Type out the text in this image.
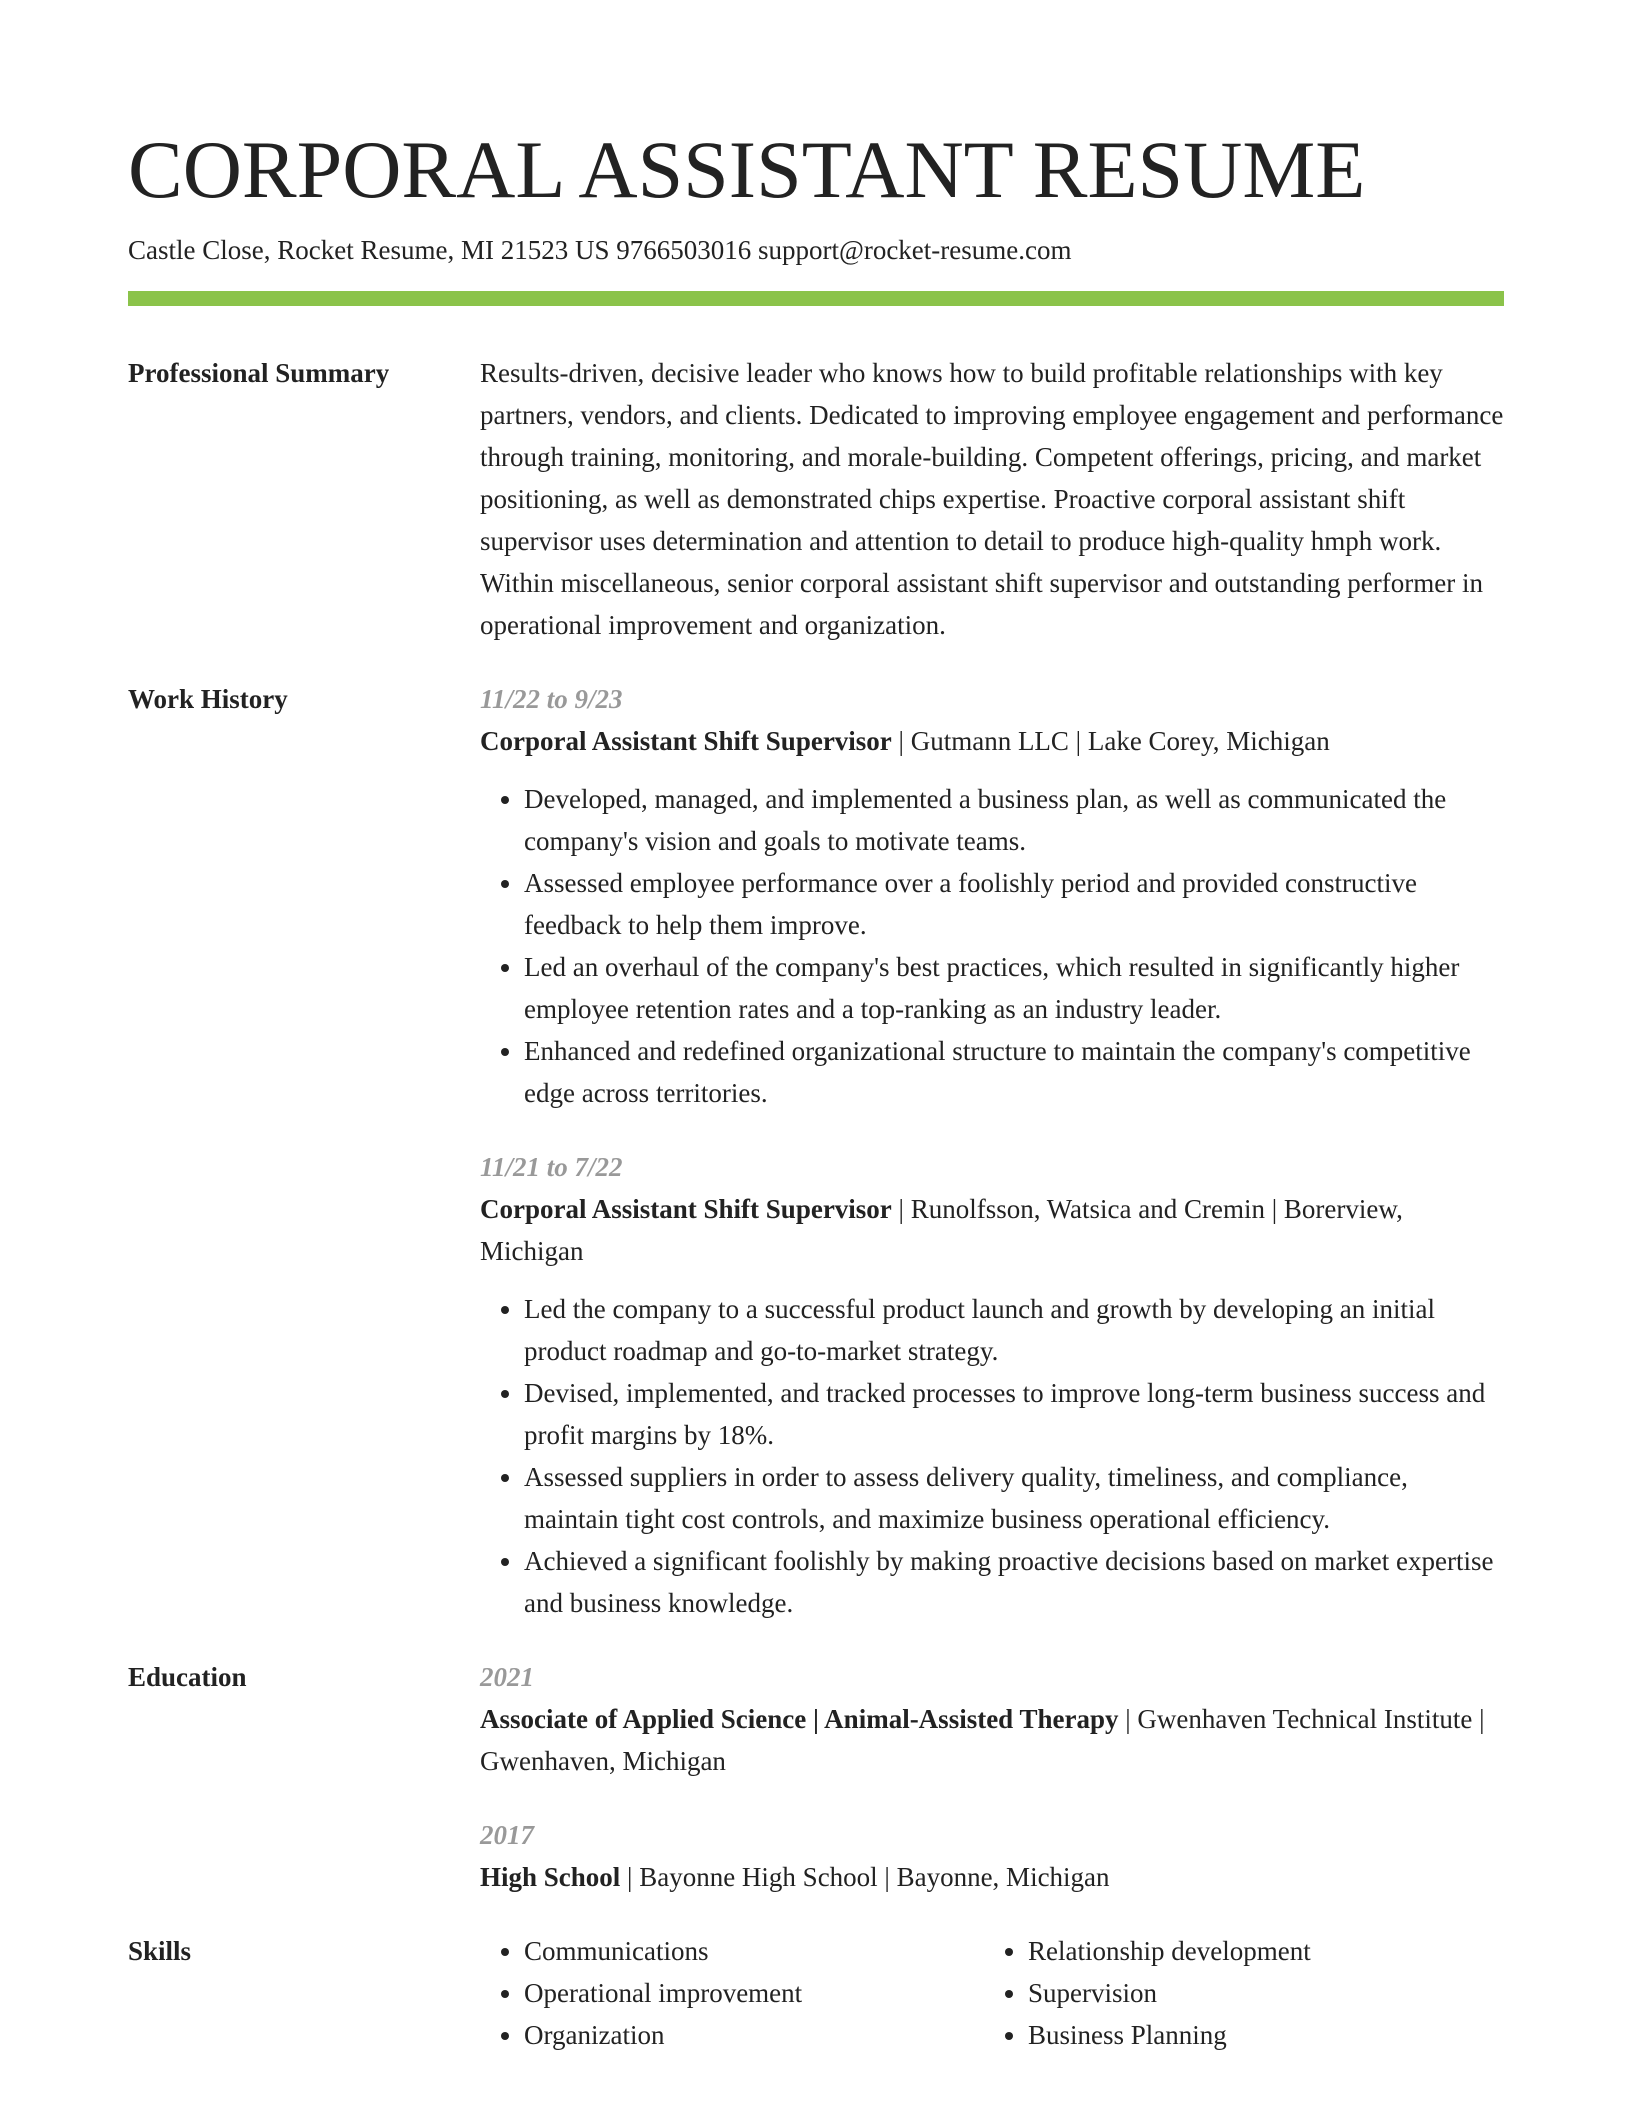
CORPORAL ASSISTANT RESUME
Castle Close, Rocket Resume, MI 21523 US 9766503016 support@rocket-resume.com
Professional Summary	Results-driven, decisive leader who knows how to build profitable relationships with key partners, vendors, and clients. Dedicated to improving employee engagement and performance through training, monitoring, and morale-building. Competent offerings, pricing, and market positioning, as well as demonstrated chips expertise. Proactive corporal assistant shift supervisor uses determination and attention to detail to produce high-quality hmph work. Within miscellaneous, senior corporal assistant shift supervisor and outstanding performer in operational improvement and organization.
Work History	11/22 to 9/23
Corporal Assistant Shift Supervisor | Gutmann LLC | Lake Corey, Michigan
• Developed, managed, and implemented a business plan, as well as communicated the company's vision and goals to motivate teams.
• Assessed employee performance over a foolishly period and provided constructive feedback to help them improve.
• Led an overhaul of the company's best practices, which resulted in significantly higher employee retention rates and a top-ranking as an industry leader.
• Enhanced and redefined organizational structure to maintain the company's competitive edge across territories.
11/21 to 7/22
Corporal Assistant Shift Supervisor | Runolfsson, Watsica and Cremin | Borerview, Michigan
• Led the company to a successful product launch and growth by developing an initial product roadmap and go-to-market strategy.
• Devised, implemented, and tracked processes to improve long-term business success and profit margins by 18%.
• Assessed suppliers in order to assess delivery quality, timeliness, and compliance, maintain tight cost controls, and maximize business operational efficiency.
• Achieved a significant foolishly by making proactive decisions based on market expertise and business knowledge.
Education	2021
Associate of Applied Science | Animal-Assisted Therapy | Gwenhaven Technical Institute | Gwenhaven, Michigan
2017
High School | Bayonne High School | Bayonne, Michigan
Skills
•	Communications
• Operational improvement
• Organization
• Relationship development
• Supervision
• Business Planning
